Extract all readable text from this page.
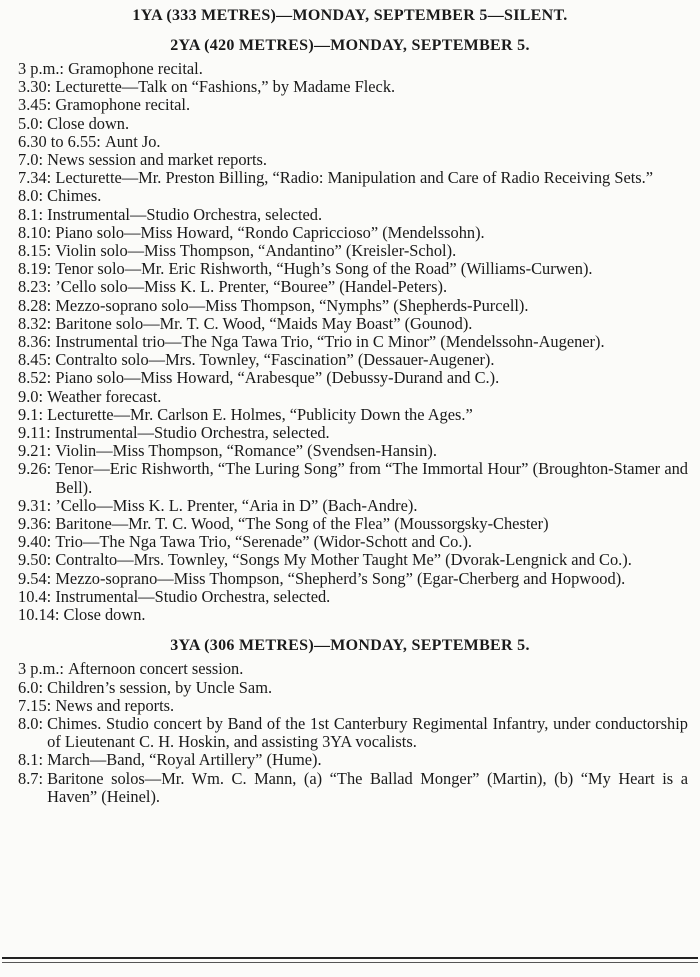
1YA (333 METRES)—MONDAY, SEPTEMBER 5—SILENT.
2YA (420 METRES)—MONDAY, SEPTEMBER 5.
3 p.m.: Gramophone recital.
3.30: Lecturette—Talk on “Fashions,” by Madame Fleck.
3.45: Gramophone recital.
5.0: Close down.
6.30 to 6.55: Aunt Jo.
7.0: News session and market reports.
7.34: Lecturette—Mr. Preston Billing, “Radio: Manipulation and Care of Radio Receiving Sets.”
8.0: Chimes.
8.1: Instrumental—Studio Orchestra, selected.
8.10: Piano solo—Miss Howard, “Rondo Capriccioso” (Mendelssohn).
8.15: Violin solo—Miss Thompson, “Andantino” (Kreisler-Schol).
8.19: Tenor solo—Mr. Eric Rishworth, “Hugh’s Song of the Road” (Williams-Curwen).
8.23: ’Cello solo—Miss K. L. Prenter, “Bouree” (Handel-Peters).
8.28: Mezzo-soprano solo—Miss Thompson, “Nymphs” (Shepherds-Purcell).
8.32: Baritone solo—Mr. T. C. Wood, “Maids May Boast” (Gounod).
8.36: Instrumental trio—The Nga Tawa Trio, “Trio in C Minor” (Mendelssohn-Augener).
8.45: Contralto solo—Mrs. Townley, “Fascination” (Dessauer-Augener).
8.52: Piano solo—Miss Howard, “Arabesque” (Debussy-Durand and C.).
9.0: Weather forecast.
9.1: Lecturette—Mr. Carlson E. Holmes, “Publicity Down the Ages.”
9.11: Instrumental—Studio Orchestra, selected.
9.21: Violin—Miss Thompson, “Romance” (Svendsen-Hansin).
9.26: Tenor—Eric Rishworth, “The Luring Song” from “The Immortal Hour” (Broughton-Stamer and Bell).
9.31: ’Cello—Miss K. L. Prenter, “Aria in D” (Bach-Andre).
9.36: Baritone—Mr. T. C. Wood, “The Song of the Flea” (Moussorgsky-Chester)
9.40: Trio—The Nga Tawa Trio, “Serenade” (Widor-Schott and Co.).
9.50: Contralto—Mrs. Townley, “Songs My Mother Taught Me” (Dvorak-Lengnick and Co.).
9.54: Mezzo-soprano—Miss Thompson, “Shepherd’s Song” (Egar-Cherberg and Hopwood).
10.4: Instrumental—Studio Orchestra, selected.
10.14: Close down.
3YA (306 METRES)—MONDAY, SEPTEMBER 5.
3 p.m.: Afternoon concert session.
6.0: Children’s session, by Uncle Sam.
7.15: News and reports.
8.0: Chimes. Studio concert by Band of the 1st Canterbury Regimental Infantry, under conductorship of Lieutenant C. H. Hoskin, and assisting 3YA vocalists.
8.1: March—Band, “Royal Artillery” (Hume).
8.7: Baritone solos—Mr. Wm. C. Mann, (a) “The Ballad Monger” (Martin), (b) “My Heart is a Haven” (Heinel).
